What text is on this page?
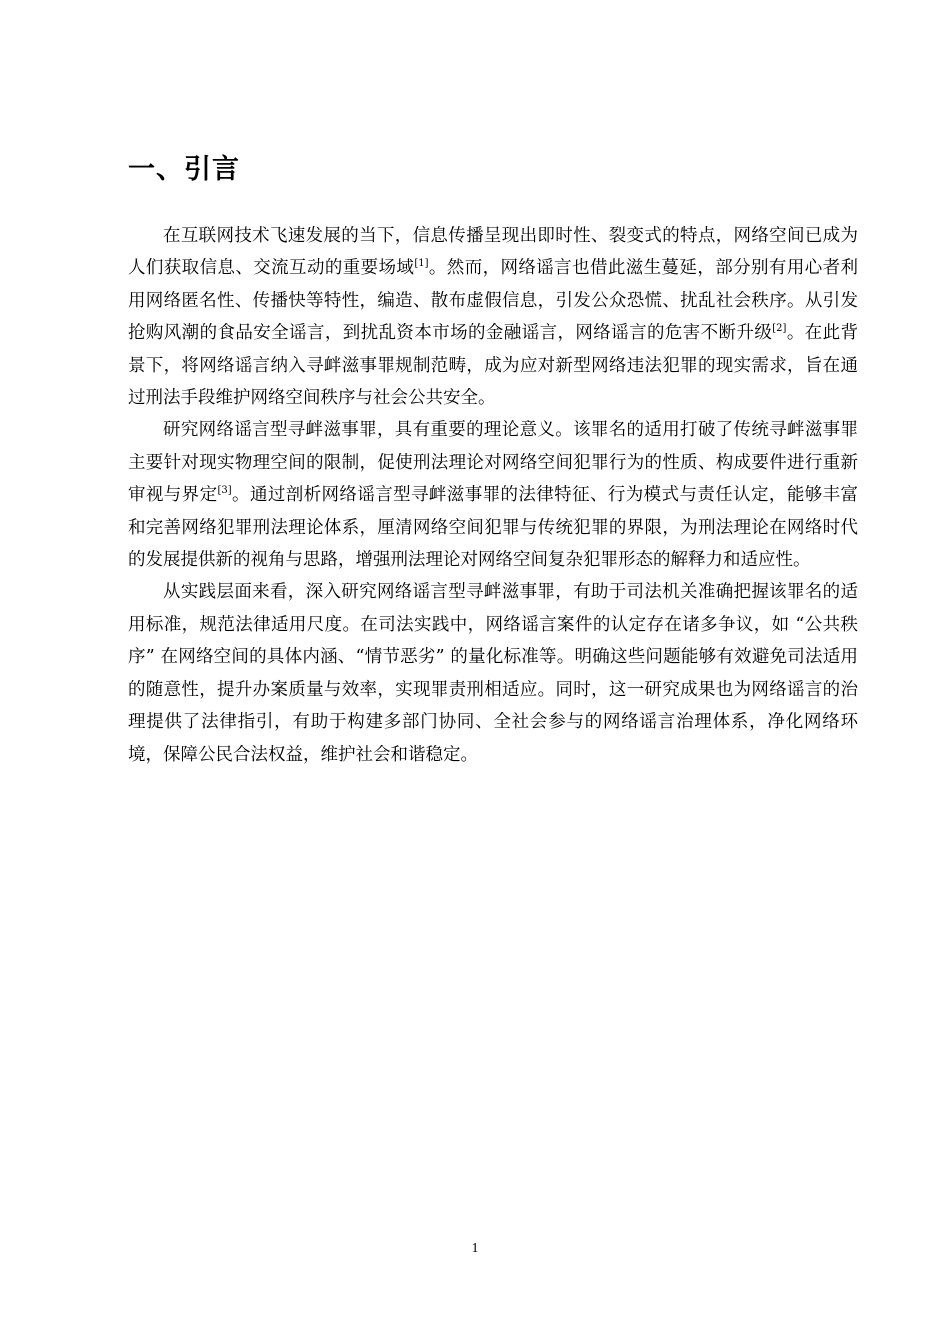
一、引言

在互联网技术飞速发展的当下，信息传播呈现出即时性、裂变式的特点，网络空间已成为人们获取信息、交流互动的重要场域[1]。然而，网络谣言也借此滋生蔓延，部分别有用心者利用网络匿名性、传播快等特性，编造、散布虚假信息，引发公众恐慌、扰乱社会秩序。从引发抢购风潮的食品安全谣言，到扰乱资本市场的金融谣言，网络谣言的危害不断升级[2]。在此背景下，将网络谣言纳入寻衅滋事罪规制范畴，成为应对新型网络违法犯罪的现实需求，旨在通过刑法手段维护网络空间秩序与社会公共安全。

研究网络谣言型寻衅滋事罪，具有重要的理论意义。该罪名的适用打破了传统寻衅滋事罪主要针对现实物理空间的限制，促使刑法理论对网络空间犯罪行为的性质、构成要件进行重新审视与界定[3]。通过剖析网络谣言型寻衅滋事罪的法律特征、行为模式与责任认定，能够丰富和完善网络犯罪刑法理论体系，厘清网络空间犯罪与传统犯罪的界限，为刑法理论在网络时代的发展提供新的视角与思路，增强刑法理论对网络空间复杂犯罪形态的解释力和适应性。

从实践层面来看，深入研究网络谣言型寻衅滋事罪，有助于司法机关准确把握该罪名的适用标准，规范法律适用尺度。在司法实践中，网络谣言案件的认定存在诸多争议，如 “公共秩序” 在网络空间的具体内涵、“情节恶劣” 的量化标准等。明确这些问题能够有效避免司法适用的随意性，提升办案质量与效率，实现罪责刑相适应。同时，这一研究成果也为网络谣言的治理提供了法律指引，有助于构建多部门协同、全社会参与的网络谣言治理体系，净化网络环境，保障公民合法权益，维护社会和谐稳定。

1
